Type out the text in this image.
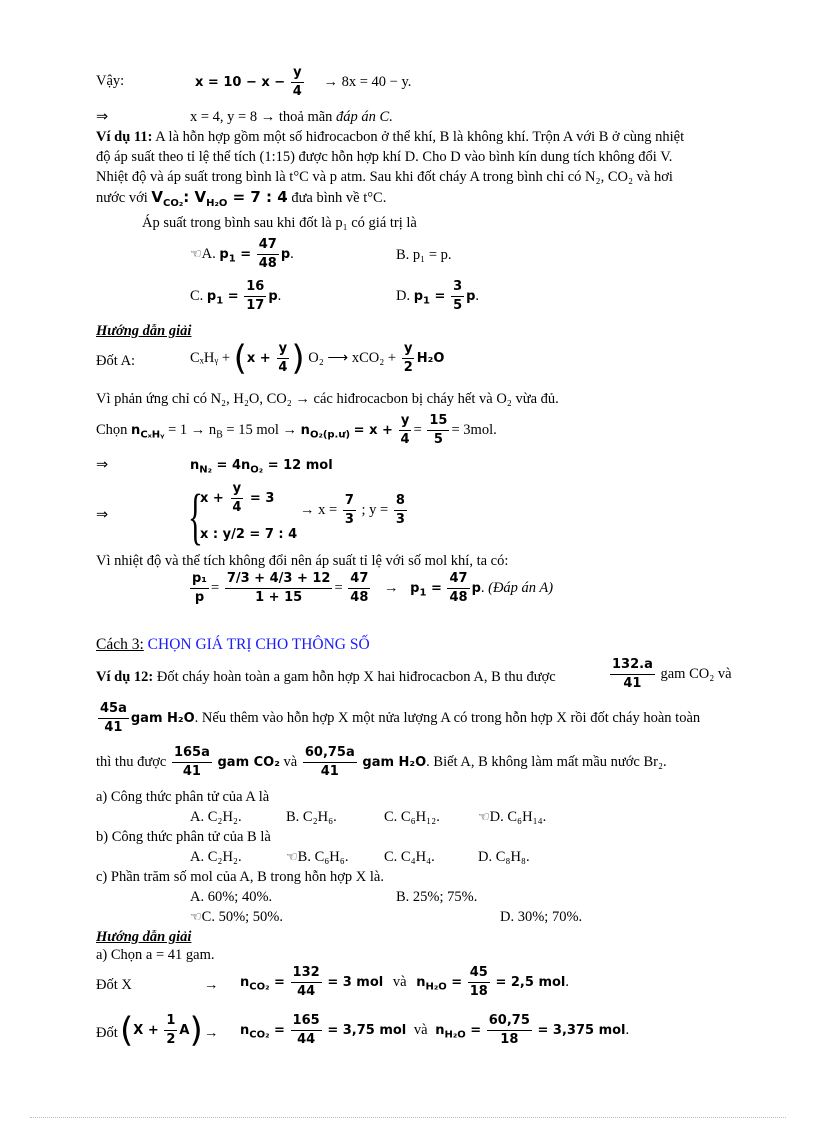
Vậy:	$x = 10 - x - \frac{y}{4} \to 8x = 40 - y$.
⇒	x = 4, y = 8 → thoả mãn đáp án C.
Ví dụ 11: A là hỗn hợp gồm một số hiđrocacbon ở thể khí, B là không khí. Trộn A với B ở cùng nhiệt
độ áp suất theo tỉ lệ thể tích (1:15) được hỗn hợp khí D. Cho D vào bình kín dung tích không đổi V.
Nhiệt độ và áp suất trong bình là t°C và p atm. Sau khi đốt cháy A trong bình chỉ có N₂, CO₂ và hơi
nước với $V_{CO_2}$: $V_{H_2O} = 7$ : 4 đưa bình về t°C.
Áp suất trong bình sau khi đốt là p₁ có giá trị là
☞A. $p_1 = \frac{47}{48} p$.	B. p₁ = p.
C. $p_1 = \frac{16}{17} p$.	D. $p_1 = \frac{3}{5} p$.
Hướng dẫn giải
Đốt A:	CₓHᵧ + ($x + \frac{y}{4}$ ) O₂ ⟶ $xCO_2 + \frac{y}{2} H_2O$
Vì phản ứng chỉ có N₂, H₂O, CO₂ → các hiđrocacbon bị cháy hết và O₂ vừa đủ.
Chọn $n_{C_xHᵧ} = 1 \to n_B = 15$ mol → $n_{O_2(p.ư)} = x + \frac{y}{4} = \frac{15}{5} = 3mol$.
⇒	$n_{N_2} = 4n_{O_2} = 12$ mol
⇒ {
$x + \frac{y}{4} = 3$
x : y/2 = 7 : 4
→ $x = \frac{7}{3}$ ; $y = \frac{8}{3}$
Vì nhiệt độ và thể tích không đổi nên áp suất tỉ lệ với số mol khí, ta có:
$\frac{\text{p₁}}{p} = \frac{7/3 + 4/3 + 12}{1 + 15} = \frac{47}{48} \to p_1 = \frac{47}{48} p$. (Đáp án A)
Cách 3: CHỌN GIÁ TRỊ CHO THÔNG SỐ
Ví dụ 12: Đốt cháy hoàn toàn a gam hỗn hợp X hai hiđrocacbon A, B thu được	$\frac{132.a}{41}$ gam CO₂ và
$\frac{45a}{41}$ gam H₂O. Nếu thêm vào hỗn hợp X một nửa lượng A có trong hỗn hợp X rồi đốt cháy hoàn toàn
thì thu được $\frac{165a}{41}$ gam CO₂ và $\frac{60,75a}{41}$ gam H₂O. Biết A, B không làm mất mầu nước Br₂.
a) Công thức phân tử của A là
A. C₂H₂.	B. C₂H₆.	C. C₆H₁₂.	☞D. C₆H₁₄.
b) Công thức phân tử của B là
A. C₂H₂.	☞B. C₆H₆. C. C₄H₄.	D. C₈H₈.
c) Phần trăm số mol của A, B trong hỗn hợp X là.
A. 60%; 40%.	B. 25%; 75%.
☞C. 50%; 50%.	D. 30%; 70%.
Hướng dẫn giải
a) Chọn a = 41 gam.
Đốt X	→ $n_{CO_2} = \frac{132}{44} = 3$ mol và $n_{H_2O} = \frac{45}{18} = 2,5$ mol.
Đốt $(X + \frac{1}{2} A) \to n_{CO_2} = \frac{165}{44} = 3,75$ mol và $n_{H_2O} = \frac{60,75}{18} = 3,375$ mol.
